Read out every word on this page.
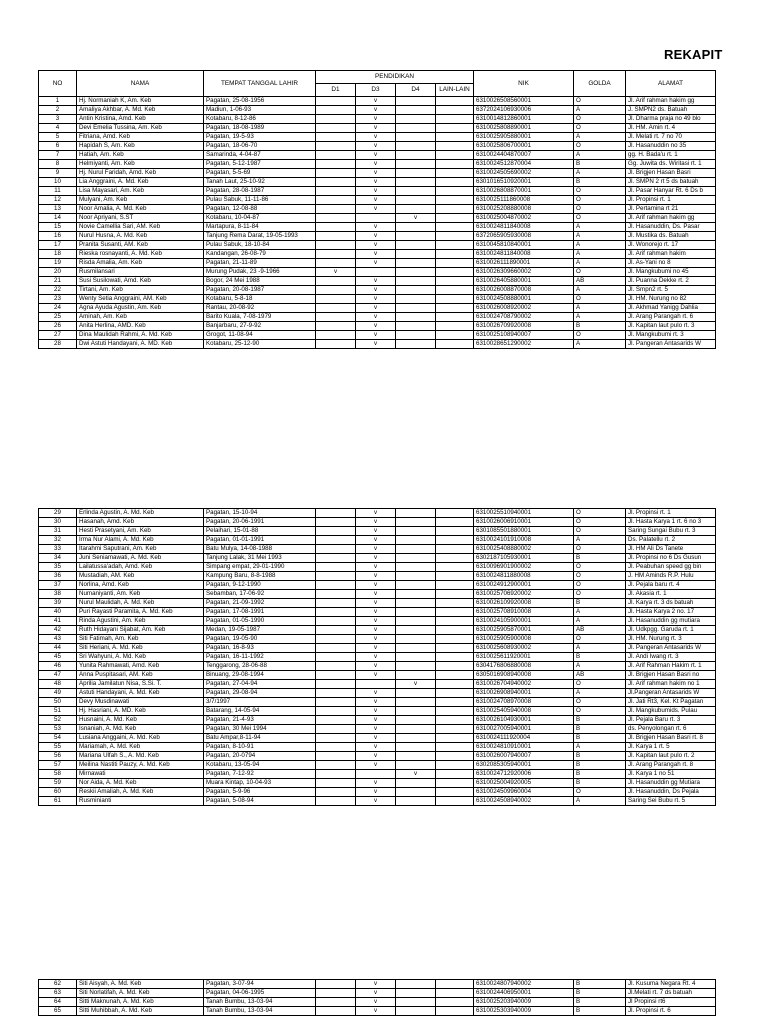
REKAPIT
NO	NAMA	TEMPAT TANGGAL LAHIR	PENDIDIKAN				NIK	GOLDA	ALAMAT
			D1	D3	D4	LAIN-LAIN			
1	Hj. Normaniah K, Am. Keb	Pagatan, 25-08-1956		v			6310026508560001	O	Jl. Arif rahman hakim gg
2	Amaliya Akhbar, A. Md. Keb	Madiun, 1-06-93		v			6372024106930006	A	J. SMPN2 ds. Batuah
3	Antin Kristina, Amd. Keb	Kotabaru, 8-12-86		v			6310014812860001	O	Jl. Dharma praja no 49 blo
4	Devi Emelia Tussina, Am. Keb	Pagatan, 18-08-1989		v			6310025808890001	O	Jl. HM. Amin rt. 4
5	Fitriana, Amd. Keb	Pagatan, 19-5-93		v			6310025905880001	A	Jl. Melati rt. 7 no 70
6	Hapidah S, Am. Keb	Pagatan, 18-06-70		v			6310025806700001	O	Jl. Hasanuddin no 35
7	Hatiah, Am. Keb	Samarinda, 4-04-87		v			6310024404870007	A	gg. H. Bada'u rt. 1
8	Helmiyanti, Am. Keb	Pagatan, 5-12-1987		v			6310024512870004	B	Gg. Juwita ds. Wiritasi rt. 1
9	Hj. Nurul Faridah, Amd. Keb	Pagatan, 5-5-69		v			6310024505690002	A	Jl. Brigjen Hasan Basri
10	Lia Anggraini, A. Md. Keb	Tanah Laut, 25-10-92		v			6301016510920001	B	Jl. SMPN 2 rt 5 ds batuah
11	Lisa Mayasari, Am. Keb	Pagatan, 28-08-1987		v			6310026808870001	O	Jl. Pasar Hanyar Rt. 6 Ds b
12	Mulyani, Am. Keb	Pulau Sabuk, 11-11-86		v			6310025111860008	O	Jl. Propinsi rt. 1
13	Noor Amalia, A. Md. Keb	Pagatan, 12-08-88		v			6310025208880008	O	Jl. Pertamina rt 21
14	Noor Apriyani, S.ST	Kotabaru, 10-04-87			v		6310025004870002	O	Jl. Arif rahman hakim gg
15	Novie Camellia Sari, AM. Keb	Martapura, 8-11-84		v			6310024811840008	A	Jl. Hasanuddin, Ds. Pasar
16	Nurul Husna, A. Md. Keb	Tanjung Rema Darat, 19-05-1993		v			6372065905930008	A	Jl. Mustika ds. Batuah
17	Pranita Susanti, AM. Keb	Pulau Sabuk, 18-10-84		v			6310045810840001	A	Jl. Wonorejo rt. 17
18	Rieska rosnayanti, A. Md. Keb	Kandangan, 26-08-79		v			6310024811840008	A	Jl. Arif rahman hakim
19	Risda Amalia, Am. Keb	Pagatan, 21-11-89		v			6310026111890001	A	Jl. As-Yani no 8
20	Rusmilansari	Murung Pudak, 23 -9-1966	v				6310026309660002	O	Jl. Mangkubumi no 45
21	Susi Susilowati, Amd. Keb	Bogor, 24 Mei 1988		v			6310026405880001	AB	Jl. Puanna Dekke rt. 2
22	Tirtani, Am. Keb	Pagatan, 20-08-1987		v			6310026008870008	A	Jl. Smpn2 rt. 5
23	Wenty Setia Anggraini, AM. Keb	Kotabaru, 5-8-18		v			6310024508880001	O	Jl. HM. Nurung no 82
24	Agna Ayuda Agustin, Am. Keb	Rantau, 20-08-92		v			6310026008920002	A	Jl. Akhmad Yanigg Dahlia
25	Aminah, Am. Keb	Barito Kuala, 7-08-1979		v			6310024708790002	A	Jl. Arang Parangah rt. 6
26	Anita Herlina, AMD. Keb	Banjarbaru, 27-9-92		v			6310026709920008	B	Jl. Kapitan laut pulo rt. 3
27	Dina Maulidah Rahmi, A. Md. Keb	Grogot, 11-08-94		v			6310025108940007	O	Jl. Mangkubumi rt. 3
28	Dwi Astuti Handayani, A. MD. Keb	Kotabaru, 25-12-90		v			6310028651290002	A	Jl. Pangeran Antasarids W
29	Erlinda Agustin, A. Md. Keb	Pagatan, 15-10-94		v			6310025510940001	O	Jl. Propinsi rt. 1
30	Hasanah, Amd. Keb	Pagatan, 20-06-1991		v			6310026006910001	O	Jl. Hasta Karya 1 rt. 6 no 3
31	Hesti Prasetyani, Am. Keb	Pelaihari, 15-01-88		v			6301085501880001	O	Saring Sungai Bubu rt. 3
32	Irma Nur Alami, A. Md. Keb	Pagatan, 01-01-1991		v			6310024101910008	A	Ds. Palatellu rt. 2
33	Itarahmi Saputrani, Am. Keb	Batu Mulya, 14-08-1988		v			6310025408880002	O	Jl. HM Ali Ds Tanete
34	Juni Seniamawati, A. Md. Keb	Tanjung Lalak, 31 Mei 1993		v			6302187105930001	B	Jl. Propinsi no 6 Ds Gusun
35	Lailatussa'adah, Amd. Keb	Simpang empat, 29-01-1990		v			6310096901900002	O	Jl. Peabuhan speed gg bin
36	Mustadiah, AM. Keb	Kampung Baru, 8-8-1988		v			6310024811880008	O	J. HM Aminds R.P. Hulu
37	Norlina, Amd. Keb	Pagatan, 9-12-1990		v			6310024912900001	O	Jl. Pejala baru rt. 4
38	Numaniyanti, Am. Keb	Sebamban, 17-06-92		v			6310025706920002	O	Jl. Akasia rt. 1
39	Nurul Maulidah, A. Md. Keb	Pagatan, 21-09-1992		v			6310026109920008	B	Jl. Karya rt. 3 ds batuah
40	Puri Rayasti Paramita, A. Md. Keb	Pagatan, 17-08-1991		v			6310025708910008	A	Jl. Hasta Karya 2 no. 17
41	Rinda Agustini, Am. Keb	Pagatan, 01-05-1990		v			6310024105900001	A	Jl. Hasanuddin gg mutiara
42	Ruth Hidayani Sijabat, Am. Keb	Medan, 19-05-1987		v			6310025905870001	AB	Jl. Udkpgg. Garuda rt. 1
43	Siti Fatimah, Am. Keb	Pagatan, 19-05-90		v			6310025905900008	O	Jl. HM. Nurung rt. 3
44	Siti Heriani, A. Md. Keb	Pagatan, 16-8-93		v			6310025608930002	A	Jl. Pangeran Antasarids W
45	Sri Wahyuni, A. Md. Keb	Pagatan, 16-11-1992		v			6310025611920001	B	Jl. Andi Iwang rt. 3
46	Yunita Rahmawati, Amd. Keb	Tenggarong, 28-06-88		v			6304176806880008	A	Jl. Arif Rahman Hakim rt. 1
47	Anna Puspitasari, AM. Keb	Binuang, 29-08-1994		v			6305016908940008	AB	Jl. Brigjen Hasan Basri no
48	Aprilia Jamilatun Nisa, S.Si. T.	Pagatan, 27-04-94			v		6310026704940002	O	Jl. Arif rahman hakim no 1
49	Astuti Handayani, A. Md. Keb	Pagatan, 29-08-94		v			6310026908940001	A	Jl.Pangeran Antasarids W
50	Devy Musdinawati	3/7/1997		v			6310024708970008	O	Jl. Jati Rt3, Kel. Kt Pagatan
51	Hj. Hasriani, A. MD. Keb	Batarang, 14-05-94		v			6310025405940008	O	Jl. Mangkubumids. Pulau
52	Husnaini, A. Md. Keb	Pagatan, 21-4-93		v			6310026104930001	B	Jl. Pejala Baru rt. 3
53	Isnaniah, A. Md. Keb	Pagatan, 30 Mei 1994		v			6310027005940001	B	ds. Penyolongan rt. 6
54	Lusiana Anggaini, A. Md. Keb	Batu Ampar,8-11-94		v			6310024111920004	B	Jl. Brigjen Hasan Basri rt. 8
55	Mariamah, A. Md. Keb	Pagatan, 8-10-91		v			6310024810910001	A	Jl. Karya 1 rt. 5
56	Mariana Ulfah S., A. Md. Keb	Pagatan, 20-0794		v			6310026007940007	B	Jl. Kapitan laut pulo rt. 2
57	Meilina Nastiti Pauzy, A. Md. Keb	Kotabaru, 13-05-94		v			6302085305940001	B	Jl. Arang Parangah rt. 8
58	Mirnawati	Pagatan, 7-12-92			v		6310024712920006	B	Jl. Karya 1 no 51
59	Nor Aida, A. Md. Keb	Muara Kintap, 10-04-93		v			6310025004920005	B	Jl. Hasanuddin gg Mutiara
60	Reskii Amaliah, A. Md. Keb	Pagatan, 5-9-96		v			6310024509960004	O	Jl. Hasanuddin, Ds Pejala
61	Rusminianti	Pagatan, 5-08-94		v			6310024508940002	A	Saring Sei Bubu rt. 5
62	Siti Aisyah, A. Md. Keb	Pagatan, 3-07-94		v			6310024807940002	B	Jl. Kusuma Negara Rt. 4
63	Siti Norlatifah, A. Md. Keb	Pagatan, 04-06-1995		v			6310024406950001	B	Jl.Melati rt. 7 ds batuah
64	Sitti Maknunah, A. Md. Keb	Tanah Bumbu, 13-03-94		v			6310025203940009	B	Jl Propinsi rt6
65	Sitti Muhibbah, A. Md. Keb	Tanah Bumbu, 13-03-94		v			6310025303940009	B	Jl. Propinsi rt. 6
